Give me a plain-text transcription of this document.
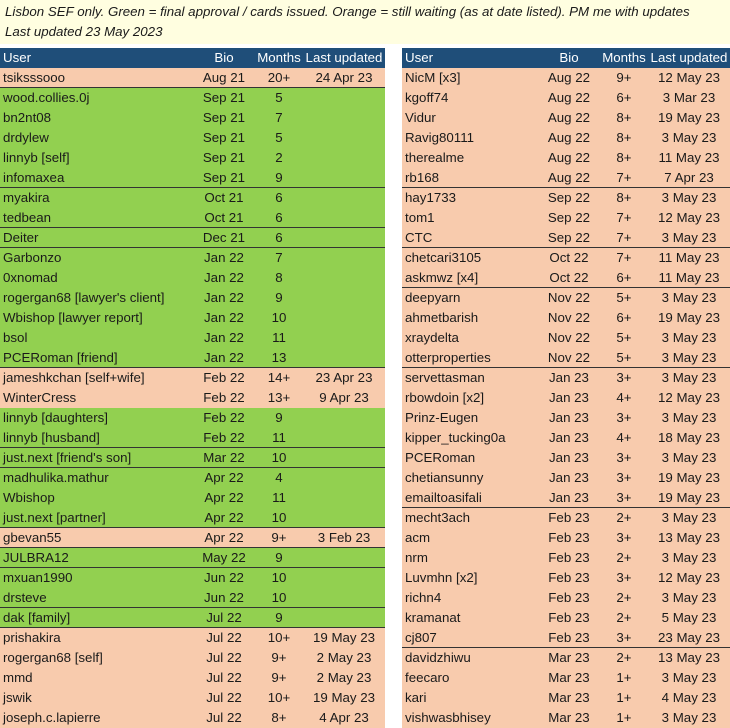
Lisbon SEF only. Green = final approval / cards issued. Orange = still waiting (as at date listed). PM me with updates
Last updated 23 May 2023
User	Bio	Months Last updated
tsiksssooo	Aug 21	20+	24 Apr 23
wood.collies.0j	Sep 21	5
bn2nt08	Sep 21	7
drdylew	Sep 21	5
linnyb [self]	Sep 21	2
infomaxea	Sep 21	9
myakira	Oct 21	6
tedbean	Oct 21	6
Deiter	Dec 21	6
Garbonzo	Jan 22	7
0xnomad	Jan 22	8
rogergan68 [lawyer's client]	Jan 22	9
Wbishop [lawyer report]	Jan 22	10
bsol	Jan 22	11
PCERoman [friend]	Jan 22	13
jameshkchan [self+wife]	Feb 22	14+	23 Apr 23
WinterCress	Feb 22	13+	9 Apr 23
linnyb [daughters]	Feb 22	9
linnyb [husband]	Feb 22	11
just.next [friend's son]	Mar 22	10
madhulika.mathur	Apr 22	4
Wbishop	Apr 22	11
just.next [partner]	Apr 22	10
gbevan55	Apr 22	9+	3 Feb 23
JULBRA12	May 22	9
mxuan1990	Jun 22	10
drsteve	Jun 22	10
dak [family]	Jul 22	9
prishakira	Jul 22	10+	19 May 23
rogergan68 [self]	Jul 22	9+	2 May 23
mmd	Jul 22	9+	2 May 23
jswik	Jul 22	10+	19 May 23
joseph.c.lapierre	Jul 22	8+	4 Apr 23
User	Bio	Months Last updated
NicM [x3]	Aug 22	9+	12 May 23
kgoff74	Aug 22	6+	3 Mar 23
Vidur	Aug 22	8+	19 May 23
Ravig80111	Aug 22	8+	3 May 23
therealme	Aug 22	8+	11 May 23
rb168	Aug 22	7+	7 Apr 23
hay1733	Sep 22	8+	3 May 23
tom1	Sep 22	7+	12 May 23
CTC	Sep 22	7+	3 May 23
chetcari3105	Oct 22	7+	11 May 23
askmwz [x4]	Oct 22	6+	11 May 23
deepyarn	Nov 22	5+	3 May 23
ahmetbarish	Nov 22	6+	19 May 23
xraydelta	Nov 22	5+	3 May 23
otterproperties	Nov 22	5+	3 May 23
servettasman	Jan 23	3+	3 May 23
rbowdoin [x2]	Jan 23	4+	12 May 23
Prinz-Eugen	Jan 23	3+	3 May 23
kipper_tucking0a	Jan 23	4+	18 May 23
PCERoman	Jan 23	3+	3 May 23
chetiansunny	Jan 23	3+	19 May 23
emailtoasifali	Jan 23	3+	19 May 23
mecht3ach	Feb 23	2+	3 May 23
acm	Feb 23	3+	13 May 23
nrm	Feb 23	2+	3 May 23
Luvmhn [x2]	Feb 23	3+	12 May 23
richn4	Feb 23	2+	3 May 23
kramanat	Feb 23	2+	5 May 23
cj807	Feb 23	3+	23 May 23
davidzhiwu	Mar 23	2+	13 May 23
feecaro	Mar 23	1+	3 May 23
kari	Mar 23	1+	4 May 23
vishwasbhisey	Mar 23	1+	3 May 23
